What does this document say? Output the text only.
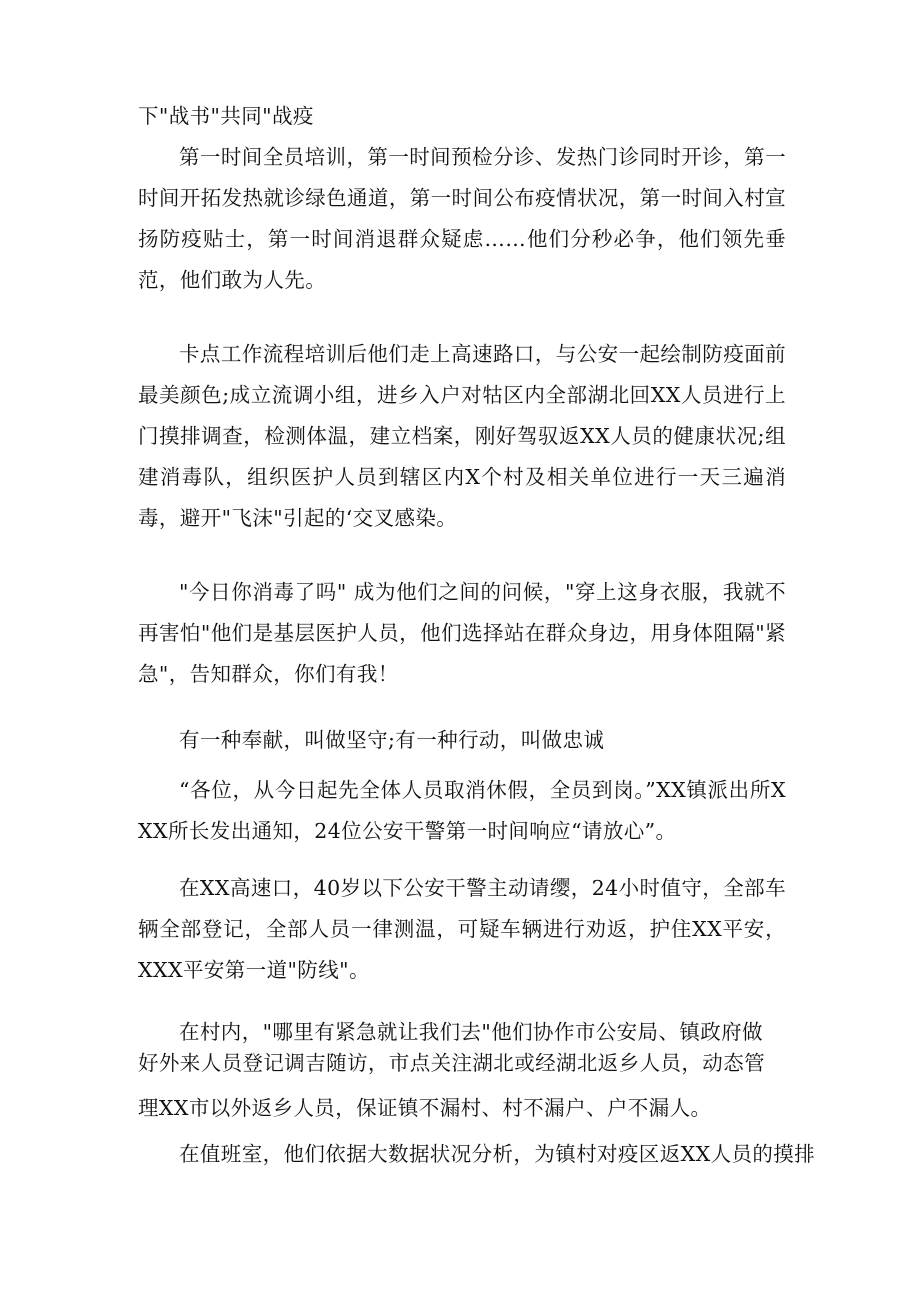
下"战书"共同"战疫

第一时间全员培训，第一时间预检分诊、发热门诊同时开诊，第一时间开拓发热就诊绿色通道，第一时间公布疫情状况，第一时间入村宣扬防疫贴士，第一时间消退群众疑虑……他们分秒必争，他们领先垂范，他们敢为人先。

卡点工作流程培训后他们走上高速路口，与公安一起绘制防疫面前最美颜色;成立流调小组，进乡入户对牯区内全部湖北回XX人员进行上门摸排调查，检测体温，建立档案，刚好驾驭返XX人员的健康状况;组建消毒队，组织医护人员到辖区内X个村及相关单位进行一天三遍消毒，避开"飞沫"引起的‘交叉感染。

"今日你消毒了吗" 成为他们之间的问候，"穿上这身衣服，我就不再害怕"他们是基层医护人员，他们选择站在群众身边，用身体阻隔"紧急"，告知群众，你们有我！

有一种奉献，叫做坚守;有一种行动，叫做忠诚

“各位，从今日起先全体人员取消休假，全员到岗。”XX镇派出所XXX所长发出通知，24位公安干警第一时间响应“请放心”。

在XX高速口，40岁以下公安干警主动请缨，24小时值守，全部车辆全部登记，全部人员一律测温，可疑车辆进行劝返，护住XX平安，XXX平安第一道"防线"。

在村内，"哪里有紧急就让我们去"他们协作市公安局、镇政府做

好外来人员登记调吉随访，市点关注湖北或经湖北返乡人员，动态管

理XX市以外返乡人员，保证镇不漏村、村不漏户、户不漏人。

在值班室，他们依据大数据状况分析，为镇村对疫区返XX人员的摸排
